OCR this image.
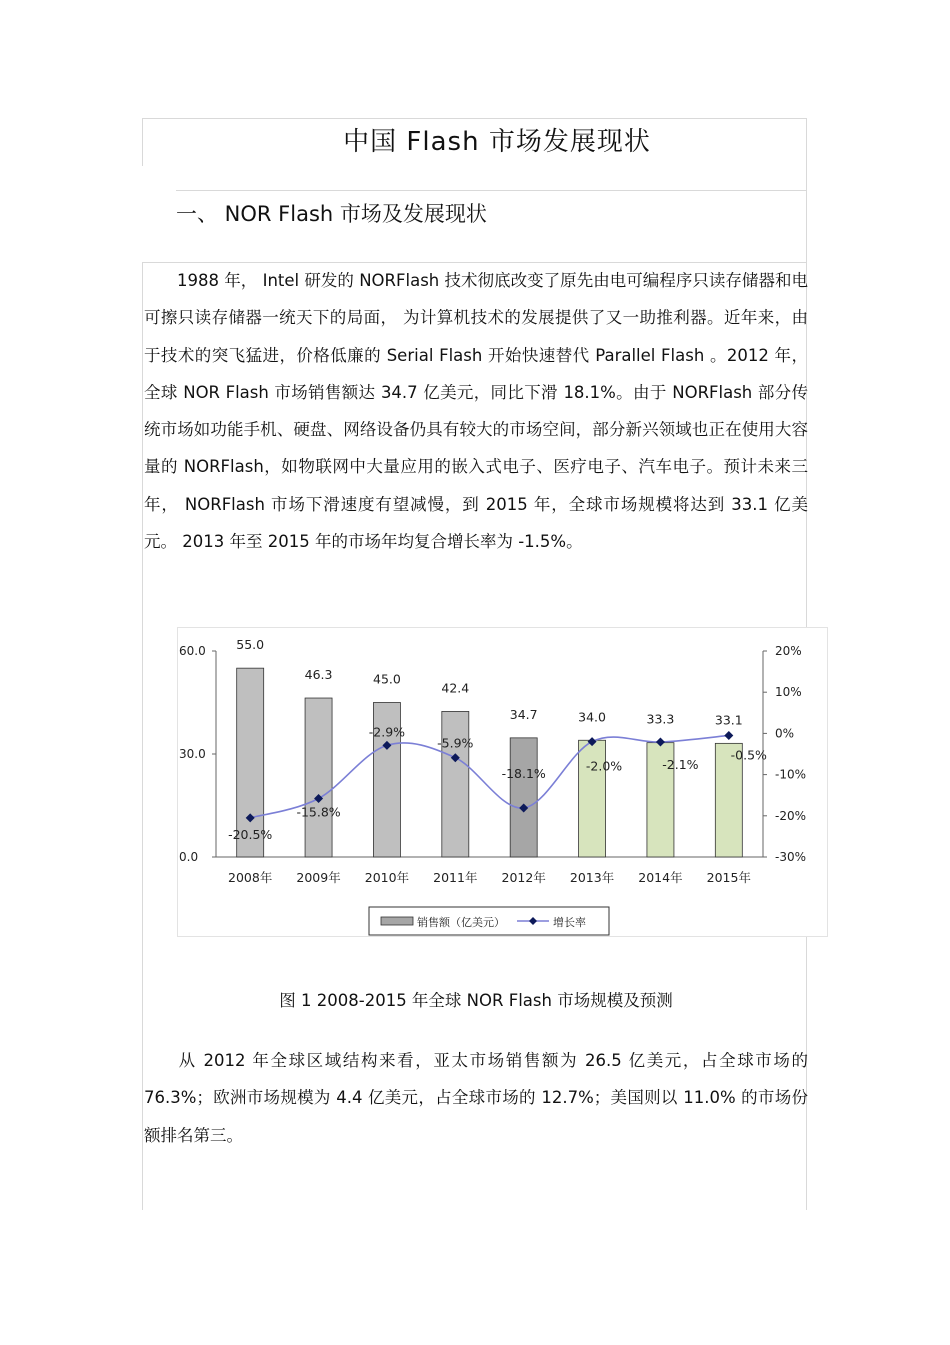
中国 Flash 市场发展现状
一、 NOR Flash 市场及发展现状

1988 年， Intel 研发的 NORFlash 技术彻底改变了原先由电可编程序只读存储器和电可擦只读存储器一统天下的局面， 为计算机技术的发展提供了又一助推利器。近年来，由于技术的突飞猛进，价格低廉的 Serial Flash 开始快速替代 Parallel Flash 。2012 年，全球 NOR Flash 市场销售额达 34.7 亿美元，同比下滑 18.1%。由于 NORFlash 部分传统市场如功能手机、硬盘、网络设备仍具有较大的市场空间，部分新兴领域也正在使用大容量的 NORFlash，如物联网中大量应用的嵌入式电子、医疗电子、汽车电子。预计未来三年， NORFlash 市场下滑速度有望减慢，到 2015 年，全球市场规模将达到 33.1 亿美元。 2013 年至 2015 年的市场年均复合增长率为 -1.5%。

60.0
30.0
0.0
20%
10%
0%
-10%
-20%
-30%
55.0
46.3	45.0
42.4
34.7	34.0	33.3	33.1
2008年 2009年 2010年 2011年 2012年 2013年 2014年 2015年
-20.5%
-15.8%
-2.9%
-5.9%
-18.1%	-2.0%	-2.1%
-0.5%
销售额（亿美元）	增长率
图 1 2008-2015 年全球 NOR Flash 市场规模及预测

从 2012 年全球区域结构来看，亚太市场销售额为 26.5 亿美元，占全球市场的 76.3%；欧洲市场规模为 4.4 亿美元，占全球市场的 12.7%；美国则以 11.0% 的市场份额排名第三。
